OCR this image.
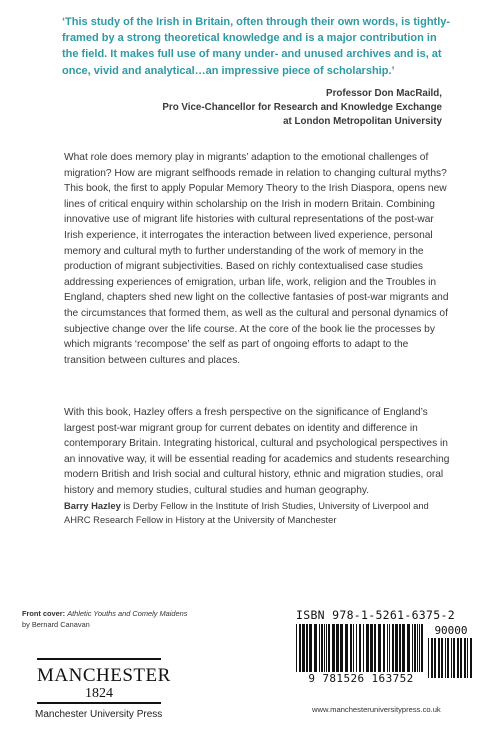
‘This study of the Irish in Britain, often through their own words, is tightly-framed by a strong theoretical knowledge and is a major contribution in the field. It makes full use of many under- and unused archives and is, at once, vivid and analytical…an impressive piece of scholarship.’
Professor Don MacRaild,
Pro Vice-Chancellor for Research and Knowledge Exchange
at London Metropolitan University
What role does memory play in migrants’ adaption to the emotional challenges of migration? How are migrant selfhoods remade in relation to changing cultural myths? This book, the first to apply Popular Memory Theory to the Irish Diaspora, opens new lines of critical enquiry within scholarship on the Irish in modern Britain. Combining innovative use of migrant life histories with cultural representations of the post-war Irish experience, it interrogates the interaction between lived experience, personal memory and cultural myth to further understanding of the work of memory in the production of migrant subjectivities. Based on richly contextualised case studies addressing experiences of emigration, urban life, work, religion and the Troubles in England, chapters shed new light on the collective fantasies of post-war migrants and the circumstances that formed them, as well as the cultural and personal dynamics of subjective change over the life course. At the core of the book lie the processes by which migrants ‘recompose’ the self as part of ongoing efforts to adapt to the transition between cultures and places.
With this book, Hazley offers a fresh perspective on the significance of England’s largest post-war migrant group for current debates on identity and difference in contemporary Britain. Integrating historical, cultural and psychological perspectives in an innovative way, it will be essential reading for academics and students researching modern British and Irish social and cultural history, ethnic and migration studies, oral history and memory studies, cultural studies and human geography.
Barry Hazley is Derby Fellow in the Institute of Irish Studies, University of Liverpool and AHRC Research Fellow in History at the University of Manchester
Front cover: Athletic Youths and Comely Maidens by Bernard Canavan
MANCHESTER
1824
Manchester University Press
ISBN 978-1-5261-6375-2
90000
9 781526 163752
www.manchesteruniversitypress.co.uk
